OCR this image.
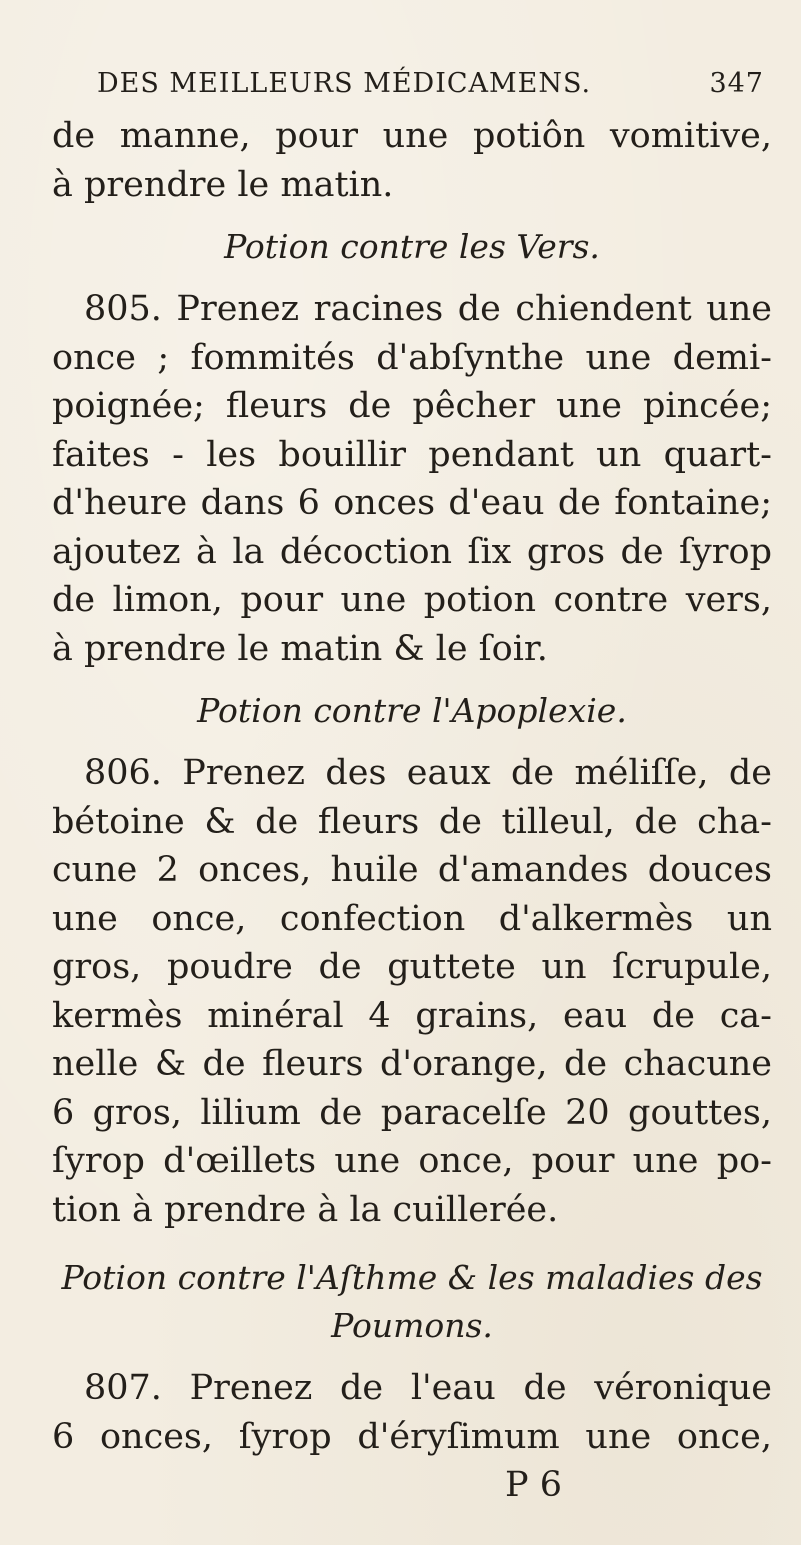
DES MEILLEURS MÉDICAMENS.	347
de manne, pour une potiôn vomitive,
à prendre le matin.
Potion contre les Vers.
805. Prenez racines de chiendent une
once ; fommités d'abſynthe une demi-
poignée; fleurs de pêcher une pincée;
faites - les bouillir pendant un quart-
d'heure dans 6 onces d'eau de fontaine;
ajoutez à la décoction ſix gros de ſyrop
de limon, pour une potion contre vers,
à prendre le matin & le ſoir.
Potion contre l'Apoplexie.
806. Prenez des eaux de méliſſe, de
bétoine & de fleurs de tilleul, de cha-
cune 2 onces, huile d'amandes douces
une once, confection d'alkermès un
gros, poudre de guttete un ſcrupule,
kermès minéral 4 grains, eau de ca-
nelle & de fleurs d'orange, de chacune
6 gros, lilium de paracelſe 20 gouttes,
ſyrop d'œillets une once, pour une po-
tion à prendre à la cuillerée.
Potion contre l'Aſthme & les maladies des
Poumons.
807. Prenez de l'eau de véronique
6 onces, ſyrop d'éryſimum une once,
P 6
